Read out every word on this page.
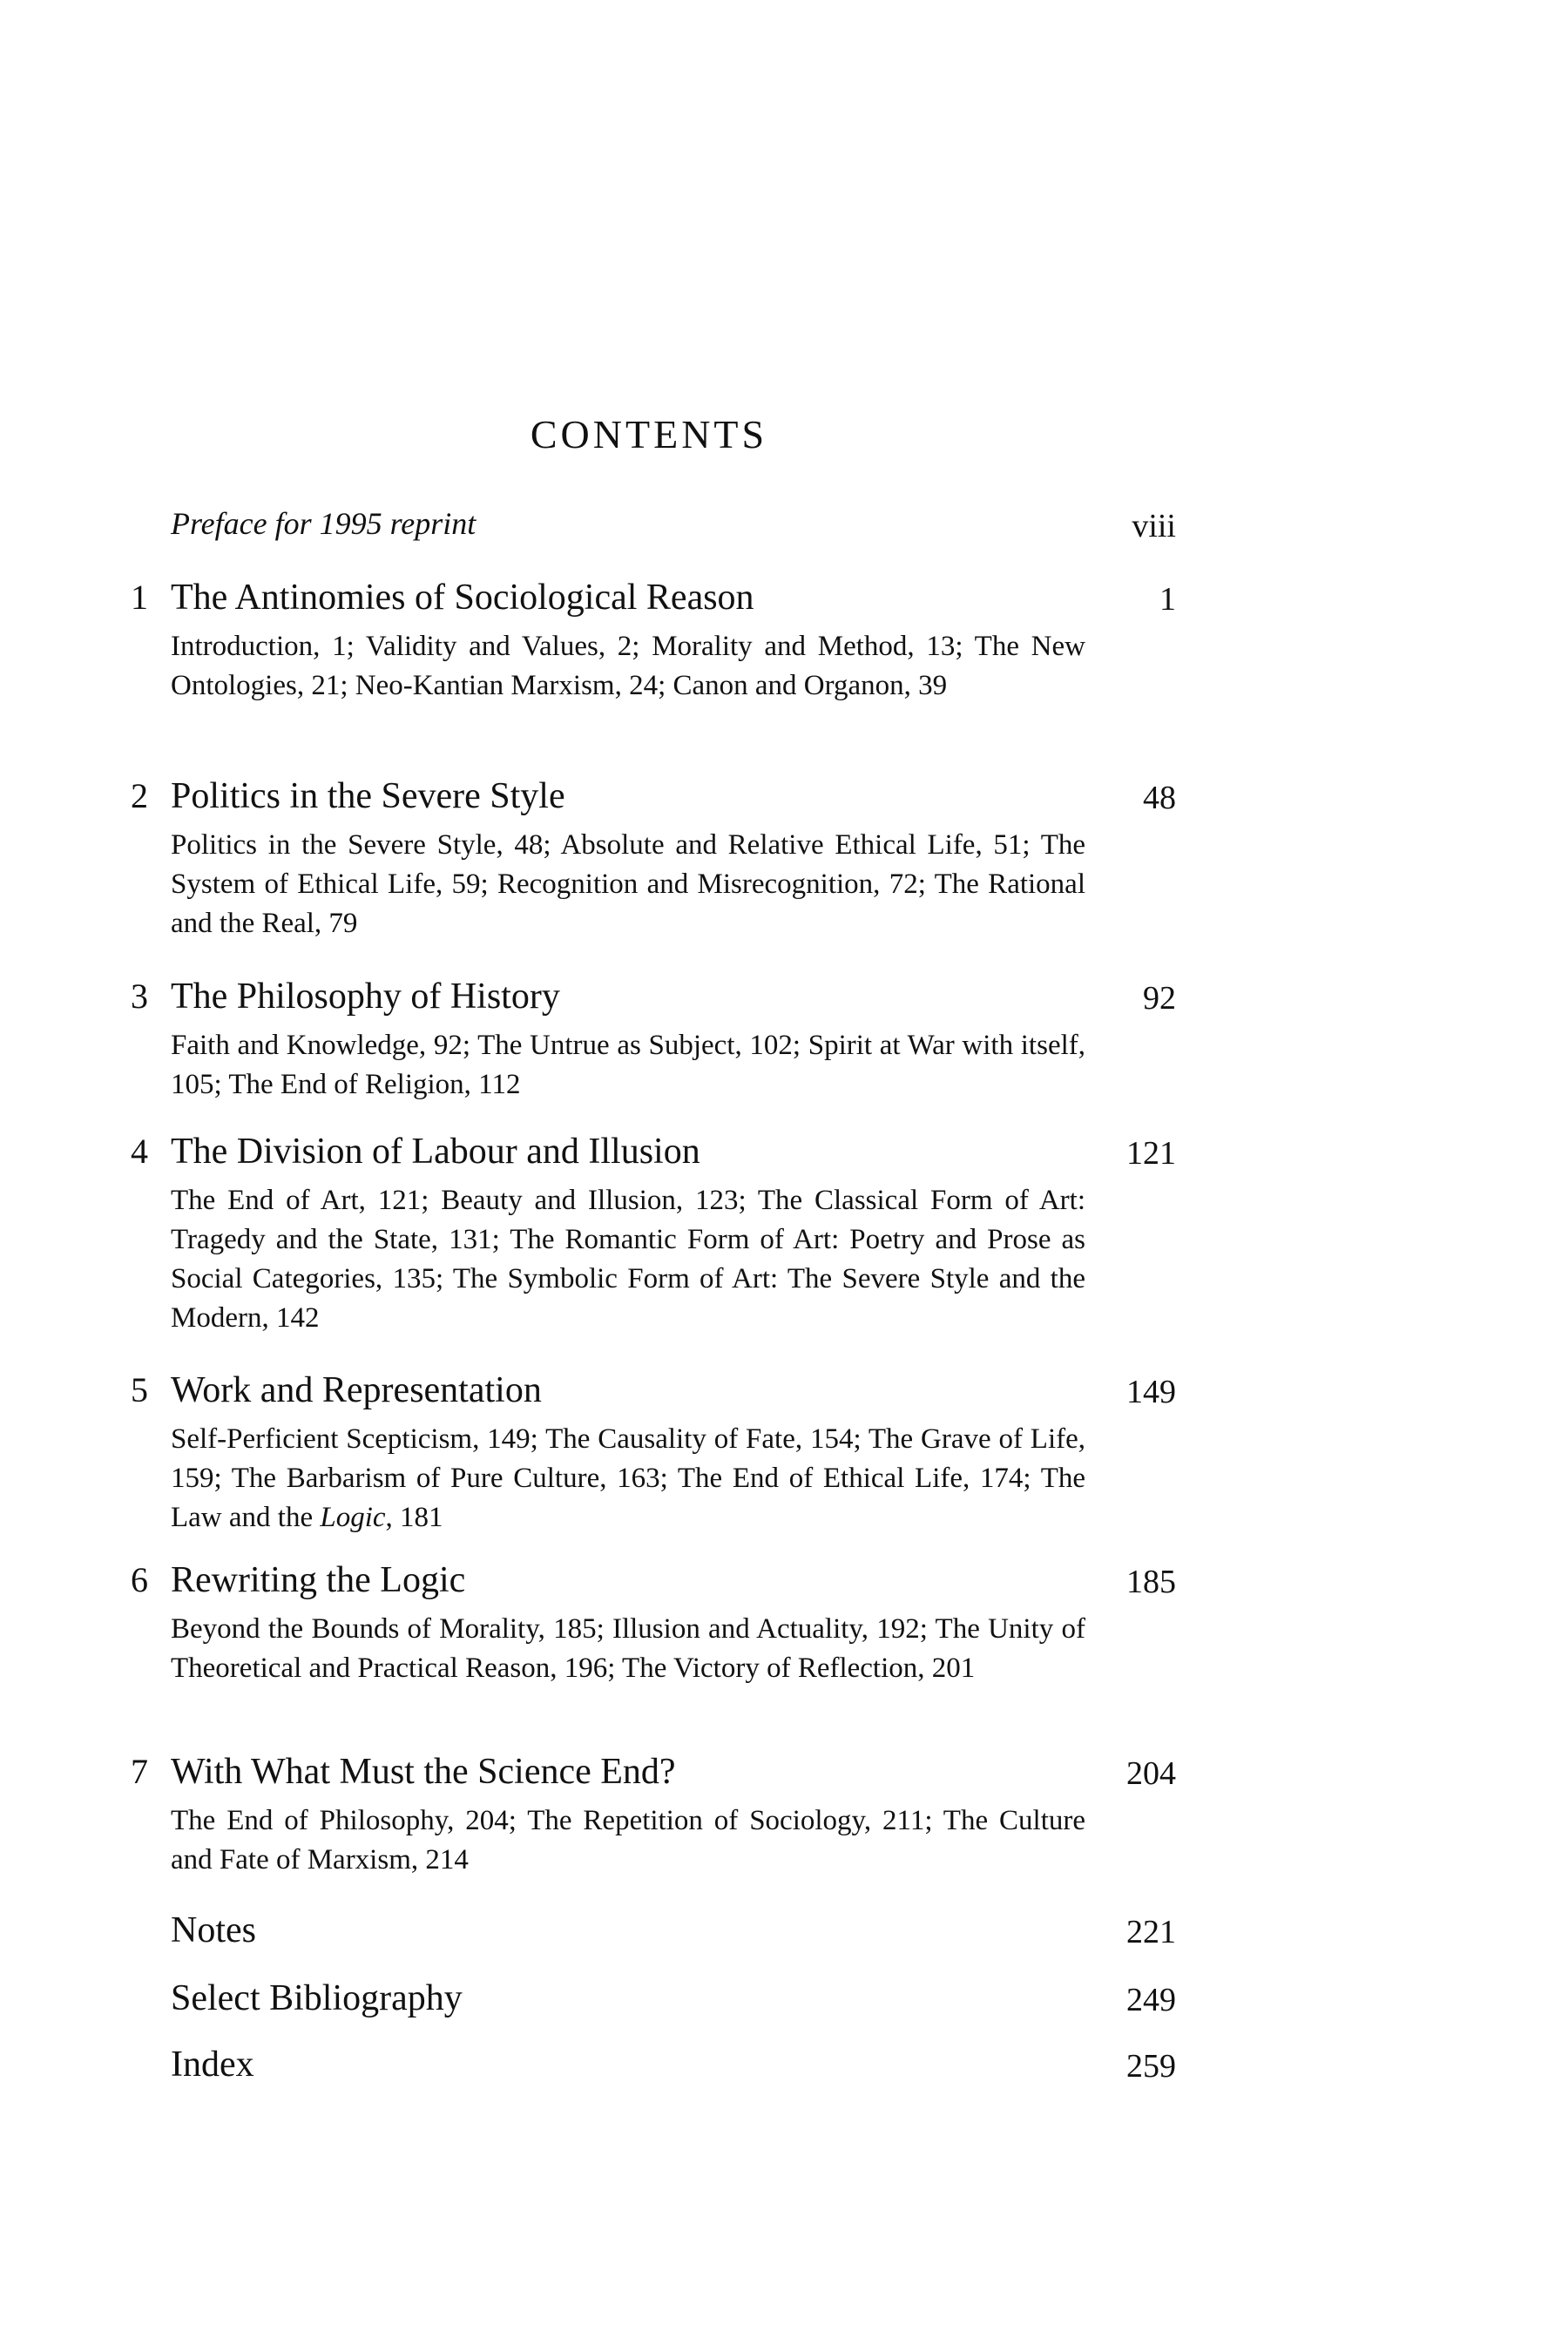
CONTENTS
Preface for 1995 reprint	viii
1 The Antinomies of Sociological Reason	1
Introduction, 1; Validity and Values, 2; Morality and Method, 13; The New Ontologies, 21; Neo-Kantian Marxism, 24; Canon and Organon, 39
2 Politics in the Severe Style	48
Politics in the Severe Style, 48; Absolute and Relative Ethical Life, 51; The System of Ethical Life, 59; Recognition and Misrecognition, 72; The Rational and the Real, 79
3 The Philosophy of History	92
Faith and Knowledge, 92; The Untrue as Subject, 102; Spirit at War with itself, 105; The End of Religion, 112
4 The Division of Labour and Illusion	121
The End of Art, 121; Beauty and Illusion, 123; The Classical Form of Art: Tragedy and the State, 131; The Romantic Form of Art: Poetry and Prose as Social Categories, 135; The Symbolic Form of Art: The Severe Style and the Modern, 142
5 Work and Representation	149
Self-Perficient Scepticism, 149; The Causality of Fate, 154; The Grave of Life, 159; The Barbarism of Pure Culture, 163; The End of Ethical Life, 174; The Law and the Logic, 181
6 Rewriting the Logic	185
Beyond the Bounds of Morality, 185; Illusion and Actuality, 192; The Unity of Theoretical and Practical Reason, 196; The Victory of Reflection, 201
7 With What Must the Science End?	204
The End of Philosophy, 204; The Repetition of Sociology, 211; The Culture and Fate of Marxism, 214
Notes	221
Select Bibliography	249
Index	259
